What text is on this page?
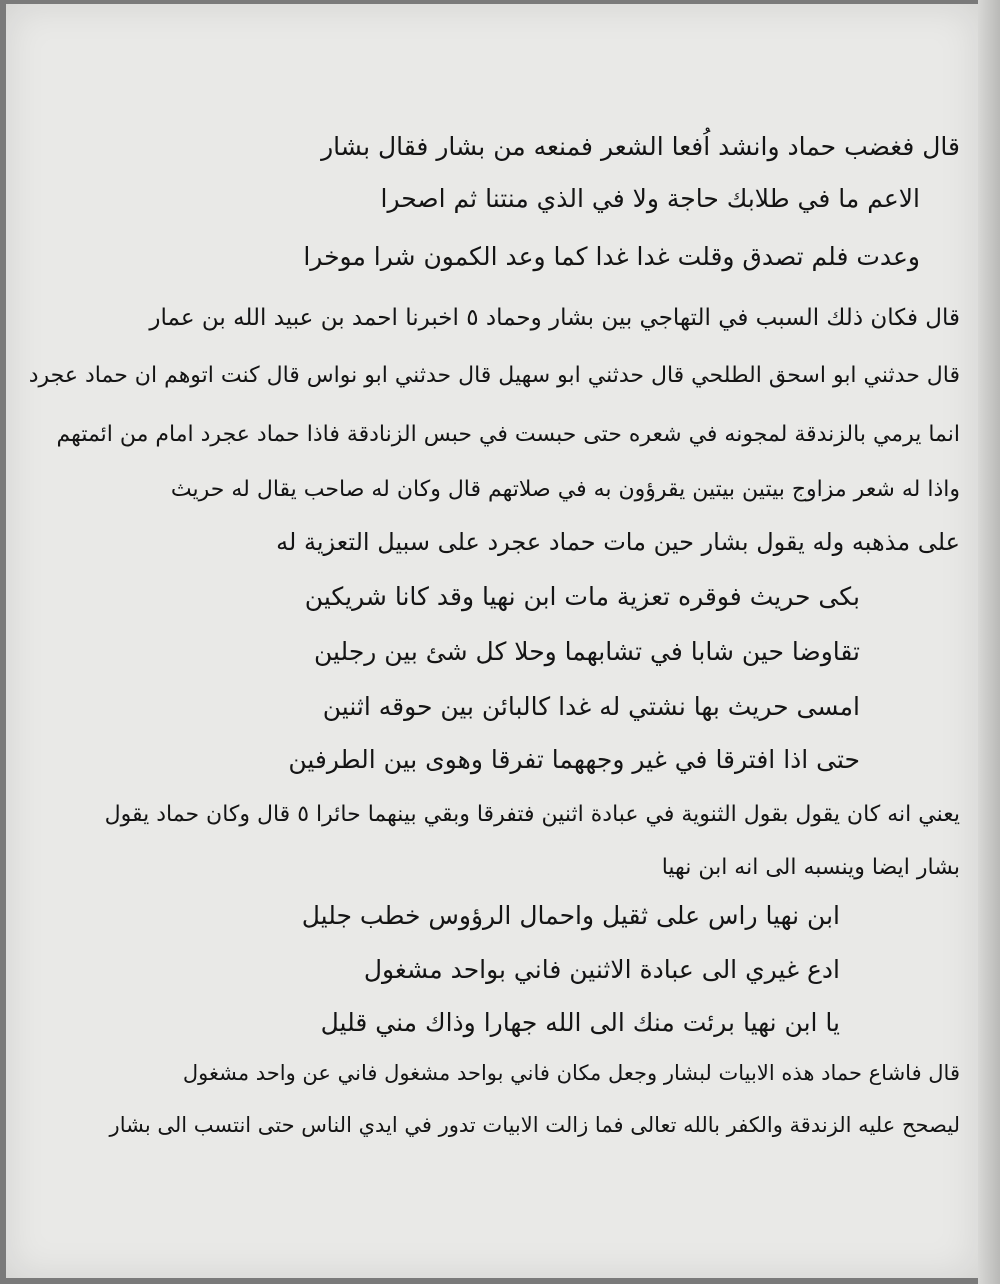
قال فغضب حماد وانشد اُفعا الشعر فمنعه من بشار فقال بشار
الاعم ما في طلابك حاجة ولا في الذي منتنا ثم اصحرا
وعدت فلم تصدق وقلت غدا غدا كما وعد الكمون شرا موخرا
قال فكان ذلك السبب في التهاجي بين بشار وحماد ٥ اخبرنا احمد بن عبيد الله بن عمار
قال حدثني ابو اسحق الطلحي قال حدثني ابو سهيل قال حدثني ابو نواس قال كنت اتوهم ان حماد عجرد
انما يرمي بالزندقة لمجونه في شعره حتى حبست في حبس الزنادقة فاذا حماد عجرد امام من ائمتهم
واذا له شعر مزاوج بيتين بيتين يقرؤون به في صلاتهم قال وكان له صاحب يقال له حريث
على مذهبه وله يقول بشار حين مات حماد عجرد على سبيل التعزية له
بكى حريث فوقره تعزية مات ابن نهيا وقد كانا شريكين
تقاوضا حين شابا في تشابهما وحلا كل شئ بين رجلين
امسى حريث بها نشتي له غدا كالبائن بين حوقه اثنين
حتى اذا افترقا في غير وجههما تفرقا وهوى بين الطرفين
يعني انه كان يقول بقول الثنوية في عبادة اثنين فتفرقا وبقي بينهما حائرا ٥ قال وكان حماد يقول
بشار ايضا وينسبه الى انه ابن نهيا
ابن نهيا راس على ثقيل واحمال الرؤوس خطب جليل
ادع غيري الى عبادة الاثنين فاني بواحد مشغول
يا ابن نهيا برئت منك الى الله جهارا وذاك مني قليل
قال فاشاع حماد هذه الابيات لبشار وجعل مكان فاني بواحد مشغول فاني عن واحد مشغول
ليصحح عليه الزندقة والكفر بالله تعالى فما زالت الابيات تدور في ايدي الناس حتى انتسب الى بشار
